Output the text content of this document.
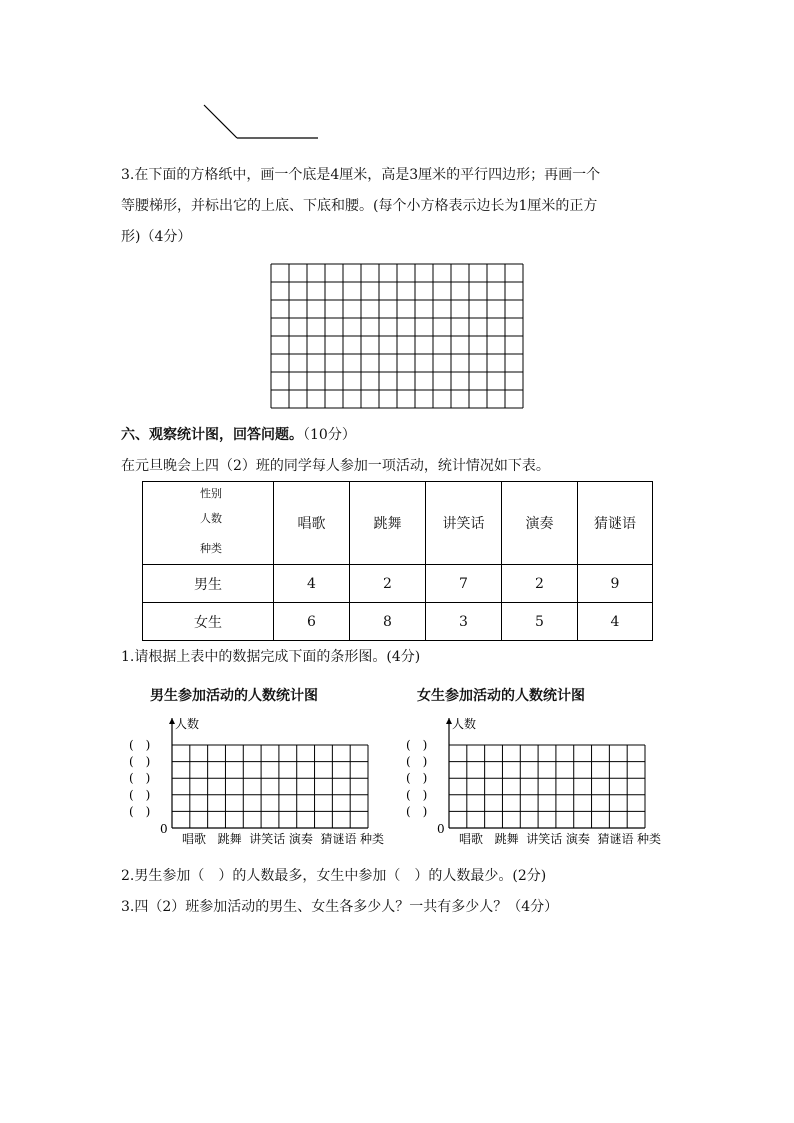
3.在下面的方格纸中，画一个底是4厘米，高是3厘米的平行四边形；再画一个
等腰梯形，并标出它的上底、下底和腰。(每个小方格表示边长为1厘米的正方
形)（4分）
六、观察统计图，回答问题。（10分）
在元旦晚会上四（2）班的同学每人参加一项活动，统计情况如下表。
性别
人数
种类	唱歌	跳舞	讲笑话	演奏	猜谜语
男生	4	2	7	2	9
女生	6	8	3	5	4
1.请根据上表中的数据完成下面的条形图。(4分)
男生参加活动的人数统计图
人数
0
(　)
(　)
(　)
(　)
(　)
唱歌 跳舞 讲笑话 演奏 猜谜语 种类
女生参加活动的人数统计图
人数
0
(　)
(　)
(　)
(　)
(　)
唱歌 跳舞 讲笑话 演奏 猜谜语 种类
2.男生参加（　）的人数最多，女生中参加（　）的人数最少。(2分)
3.四（2）班参加活动的男生、女生各多少人？一共有多少人？（4分）
